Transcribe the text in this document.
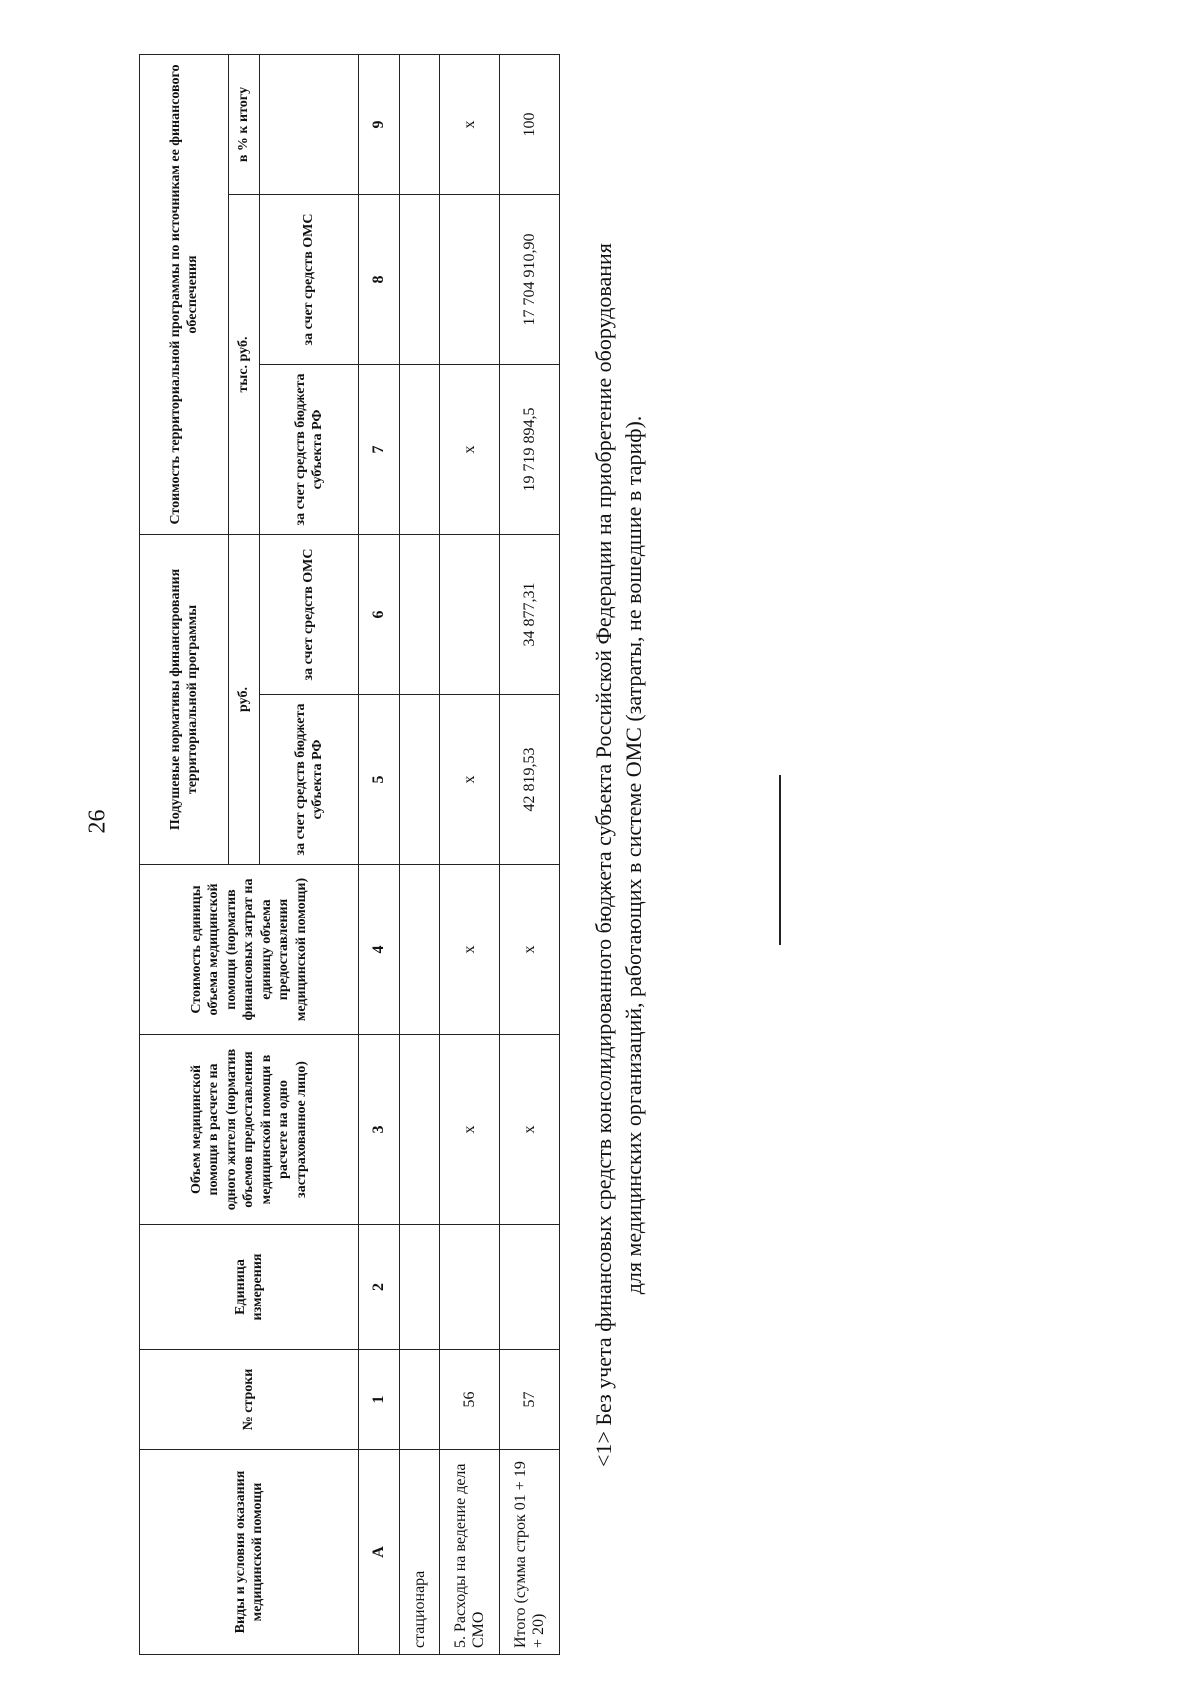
26
Виды и условия оказания медицинской помощи	№ строки	Единица измерения	Объем медицинской помощи в расчете на одного жителя (норматив объемов предоставления медицинской помощи в расчете на одно застрахованное лицо)	Стоимость единицы объема медицинской помощи (норматив финансовых затрат на единицу объема предоставления медицинской помощи)	Подушевые нормативы финансирования территориальной программы		Стоимость территориальной программы по источникам ее финансового обеспечения		
					руб.		тыс. руб.		в % к итогу
					за счет средств бюджета субъекта РФ	за счет средств ОМС	за счет средств бюджета субъекта РФ	за счет средств ОМС	
А	1	2	3	4	5	6	7	8	9
стационара									
5. Расходы на ведение дела СМО	56		х	х	х		х		х
Итого (сумма строк 01 + 19 + 20)	57		х	х	42 819,53	34 877,31	19 719 894,5	17 704 910,90	100
<1> Без учета финансовых средств консолидированного бюджета субъекта Российской Федерации на приобретение оборудования для медицинских организаций, работающих в системе ОМС (затраты, не вошедшие в тариф).
